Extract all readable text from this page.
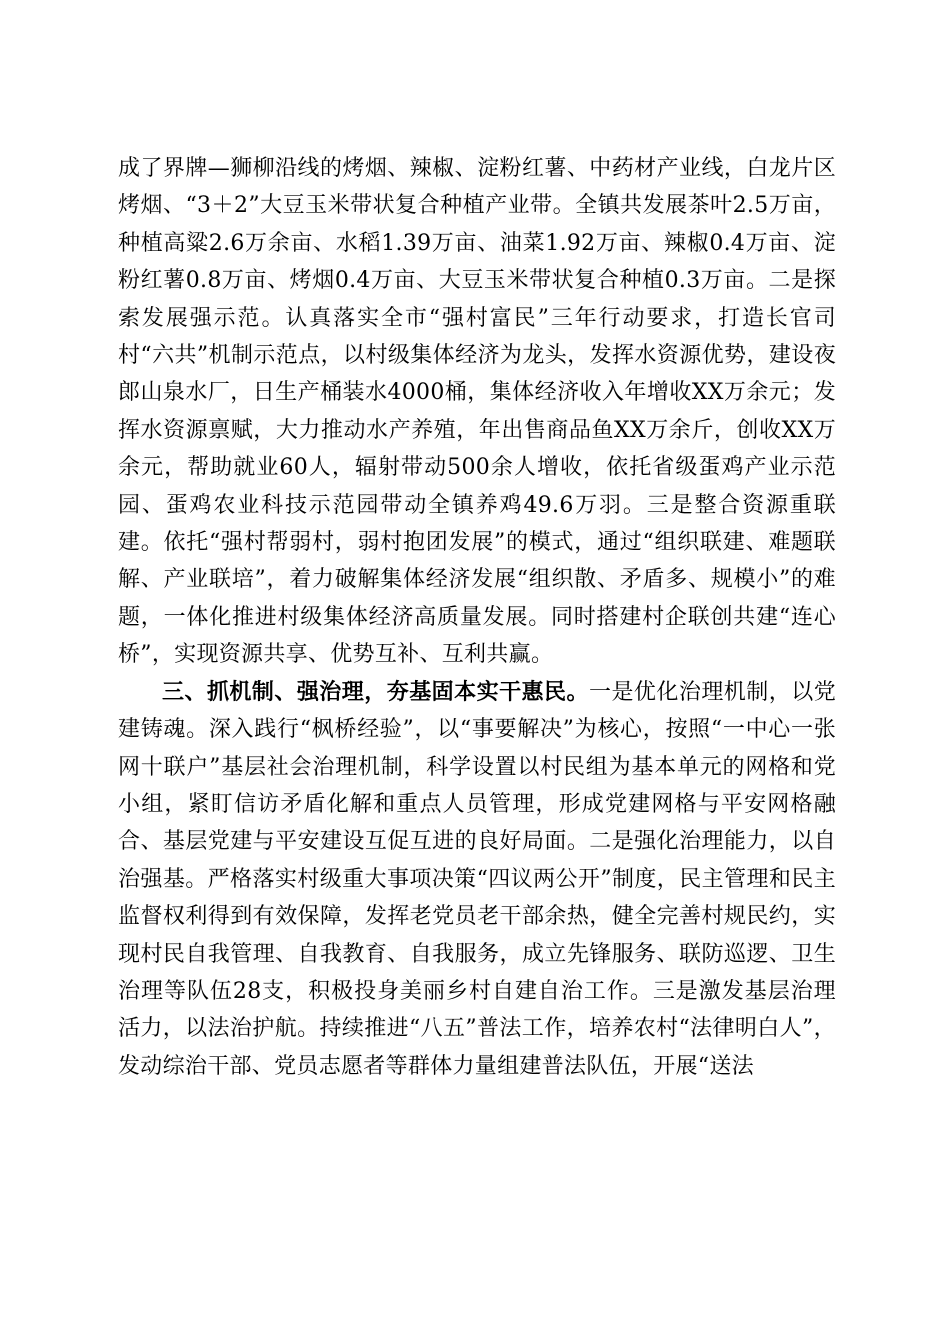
成了界牌—狮柳沿线的烤烟、辣椒、淀粉红薯、中药材产业线，白龙片区烤烟、“3＋2”大豆玉米带状复合种植产业带。全镇共发展茶叶2.5万亩，种植高粱2.6万余亩、水稻1.39万亩、油菜1.92万亩、辣椒0.4万亩、淀粉红薯0.8万亩、烤烟0.4万亩、大豆玉米带状复合种植0.3万亩。二是探索发展强示范。认真落实全市“强村富民”三年行动要求，打造长官司村“六共”机制示范点，以村级集体经济为龙头，发挥水资源优势，建设夜郎山泉水厂，日生产桶装水4000桶，集体经济收入年增收XX万余元；发挥水资源禀赋，大力推动水产养殖，年出售商品鱼XX万余斤，创收XX万余元，帮助就业60人，辐射带动500余人增收，依托省级蛋鸡产业示范园、蛋鸡农业科技示范园带动全镇养鸡49.6万羽。三是整合资源重联建。依托“强村帮弱村，弱村抱团发展”的模式，通过“组织联建、难题联解、产业联培”，着力破解集体经济发展“组织散、矛盾多、规模小”的难题，一体化推进村级集体经济高质量发展。同时搭建村企联创共建“连心桥”，实现资源共享、优势互补、互利共赢。

三、抓机制、强治理，夯基固本实干惠民。一是优化治理机制，以党建铸魂。深入践行“枫桥经验”，以“事要解决”为核心，按照“一中心一张网十联户”基层社会治理机制，科学设置以村民组为基本单元的网格和党小组，紧盯信访矛盾化解和重点人员管理，形成党建网格与平安网格融合、基层党建与平安建设互促互进的良好局面。二是强化治理能力，以自治强基。严格落实村级重大事项决策“四议两公开”制度，民主管理和民主监督权利得到有效保障，发挥老党员老干部余热，健全完善村规民约，实现村民自我管理、自我教育、自我服务，成立先锋服务、联防巡逻、卫生治理等队伍28支，积极投身美丽乡村自建自治工作。三是激发基层治理活力，以法治护航。持续推进“八五”普法工作，培养农村“法律明白人”，发动综治干部、党员志愿者等群体力量组建普法队伍，开展“送法
